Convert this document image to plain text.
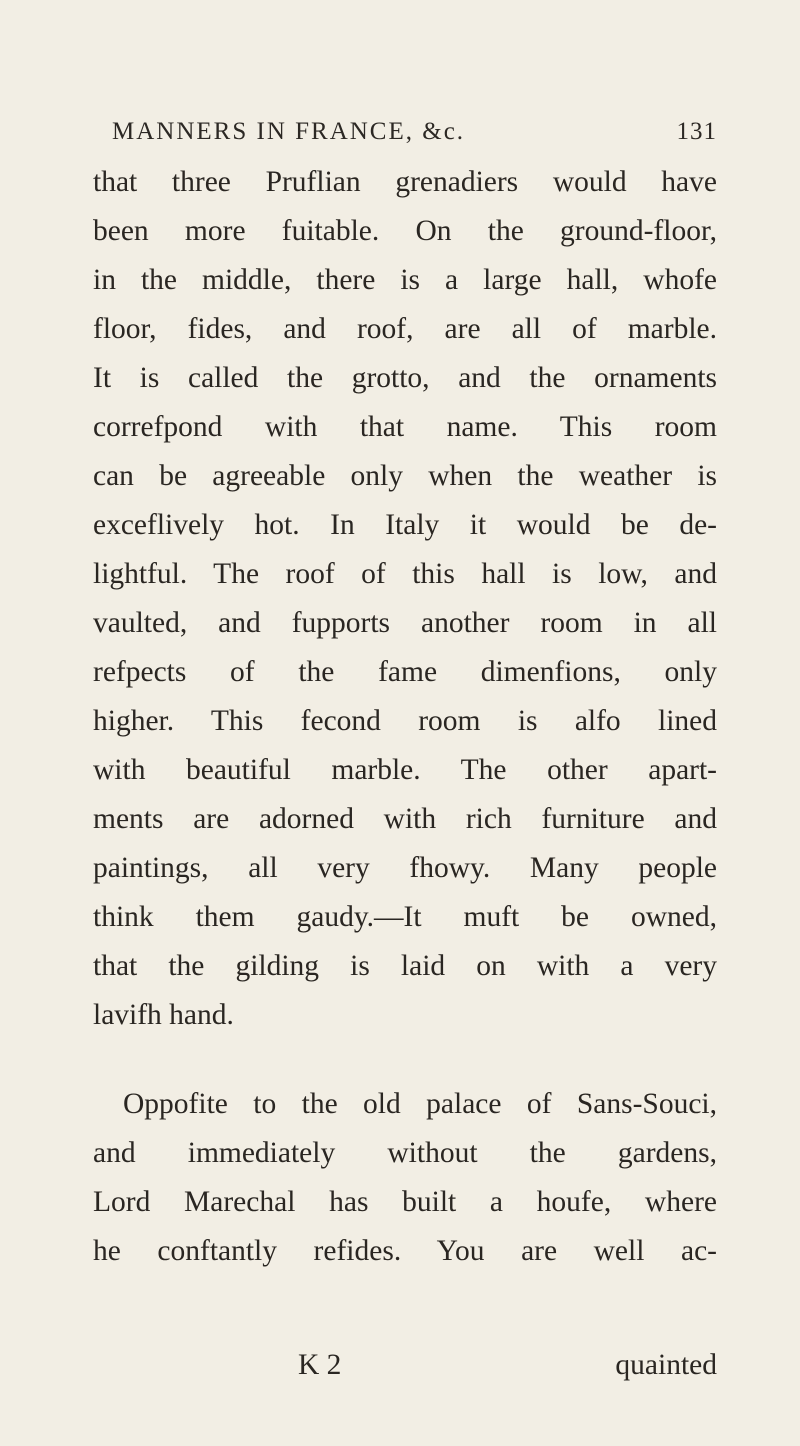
MANNERS IN FRANCE, &c.	131
that three Pruflian grenadiers would have
been more fuitable. On the ground-floor,
in the middle, there is a large hall, whofe
floor, fides, and roof, are all of marble.
It is called the grotto, and the ornaments
correfpond with that name. This room
can be agreeable only when the weather is
exceflively hot. In Italy it would be de-
lightful. The roof of this hall is low, and
vaulted, and fupports another room in all
refpects of the fame dimenfions, only
higher. This fecond room is alfo lined
with beautiful marble. The other apart-
ments are adorned with rich furniture and
paintings, all very fhowy. Many people
think them gaudy.—It muft be owned,
that the gilding is laid on with a very
lavifh hand.
Oppofite to the old palace of Sans-Souci,
and immediately without the gardens,
Lord Marechal has built a houfe, where
he conftantly refides. You are well ac-
K 2	quainted
